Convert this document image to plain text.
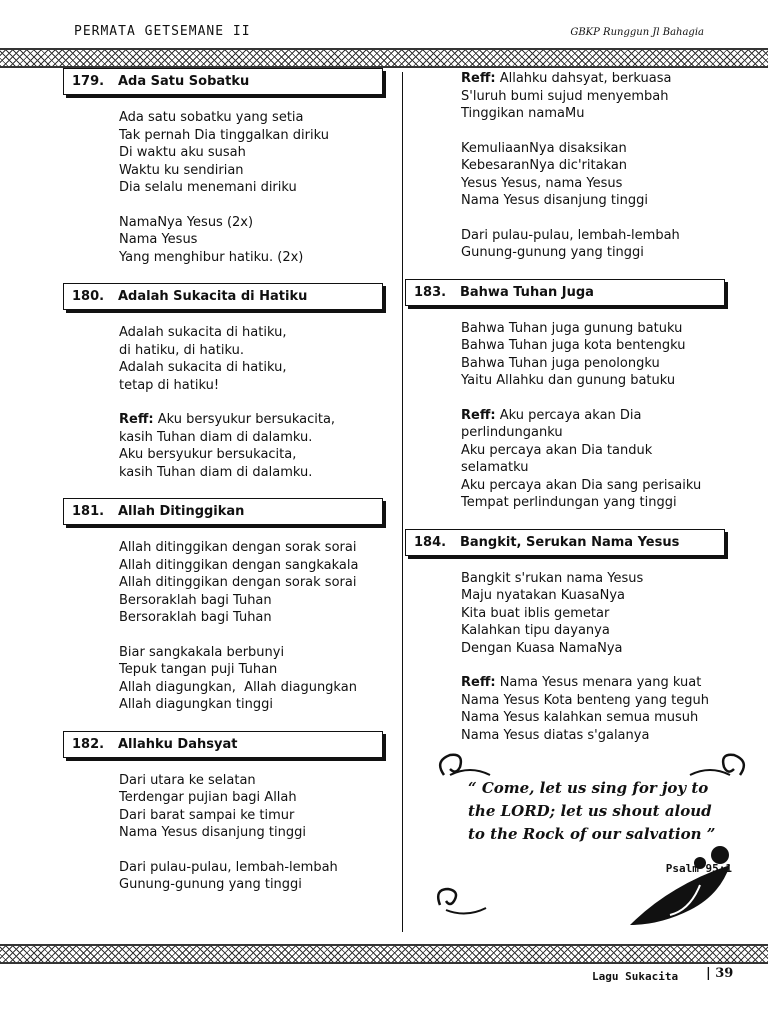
PERMATA GETSEMANE II	GBKP Runggun Jl Bahagia
179.	Ada Satu Sobatku
Ada satu sobatku yang setia
Tak pernah Dia tinggalkan diriku
Di waktu aku susah
Waktu ku sendirian
Dia selalu menemani diriku
NamaNya Yesus (2x)
Nama Yesus
Yang menghibur hatiku. (2x)
180.	Adalah Sukacita di Hatiku
Adalah sukacita di hatiku,
di hatiku, di hatiku.
Adalah sukacita di hatiku,
tetap di hatiku!
Reff: Aku bersyukur bersukacita,
kasih Tuhan diam di dalamku.
Aku bersyukur bersukacita,
kasih Tuhan diam di dalamku.
181.	Allah Ditinggikan
Allah ditinggikan dengan sorak sorai
Allah ditinggikan dengan sangkakala
Allah ditinggikan dengan sorak sorai
Bersoraklah bagi Tuhan
Bersoraklah bagi Tuhan
Biar sangkakala berbunyi
Tepuk tangan puji Tuhan
Allah diagungkan,  Allah diagungkan
Allah diagungkan tinggi
182.	Allahku Dahsyat
Dari utara ke selatan
Terdengar pujian bagi Allah
Dari barat sampai ke timur
Nama Yesus disanjung tinggi
Dari pulau-pulau, lembah-lembah
Gunung-gunung yang tinggi
Reff: Allahku dahsyat, berkuasa
S'luruh bumi sujud menyembah
Tinggikan namaMu
KemuliaanNya disaksikan
KebesaranNya dic'ritakan
Yesus Yesus, nama Yesus
Nama Yesus disanjung tinggi
Dari pulau-pulau, lembah-lembah
Gunung-gunung yang tinggi
183.	Bahwa Tuhan Juga
Bahwa Tuhan juga gunung batuku
Bahwa Tuhan juga kota bentengku
Bahwa Tuhan juga penolongku
Yaitu Allahku dan gunung batuku
Reff: Aku percaya akan Dia
perlindunganku
Aku percaya akan Dia tanduk
selamatku
Aku percaya akan Dia sang perisaiku
Tempat perlindungan yang tinggi
184.	Bangkit, Serukan Nama Yesus
Bangkit s'rukan nama Yesus
Maju nyatakan KuasaNya
Kita buat iblis gemetar
Kalahkan tipu dayanya
Dengan Kuasa NamaNya
Reff: Nama Yesus menara yang kuat
Nama Yesus Kota benteng yang teguh
Nama Yesus kalahkan semua musuh
Nama Yesus diatas s'galanya
“ Come, let us sing for joy to the LORD; let us shout aloud to the Rock of our salvation ”
Psalm 95:1
Lagu Sukacita | 39
